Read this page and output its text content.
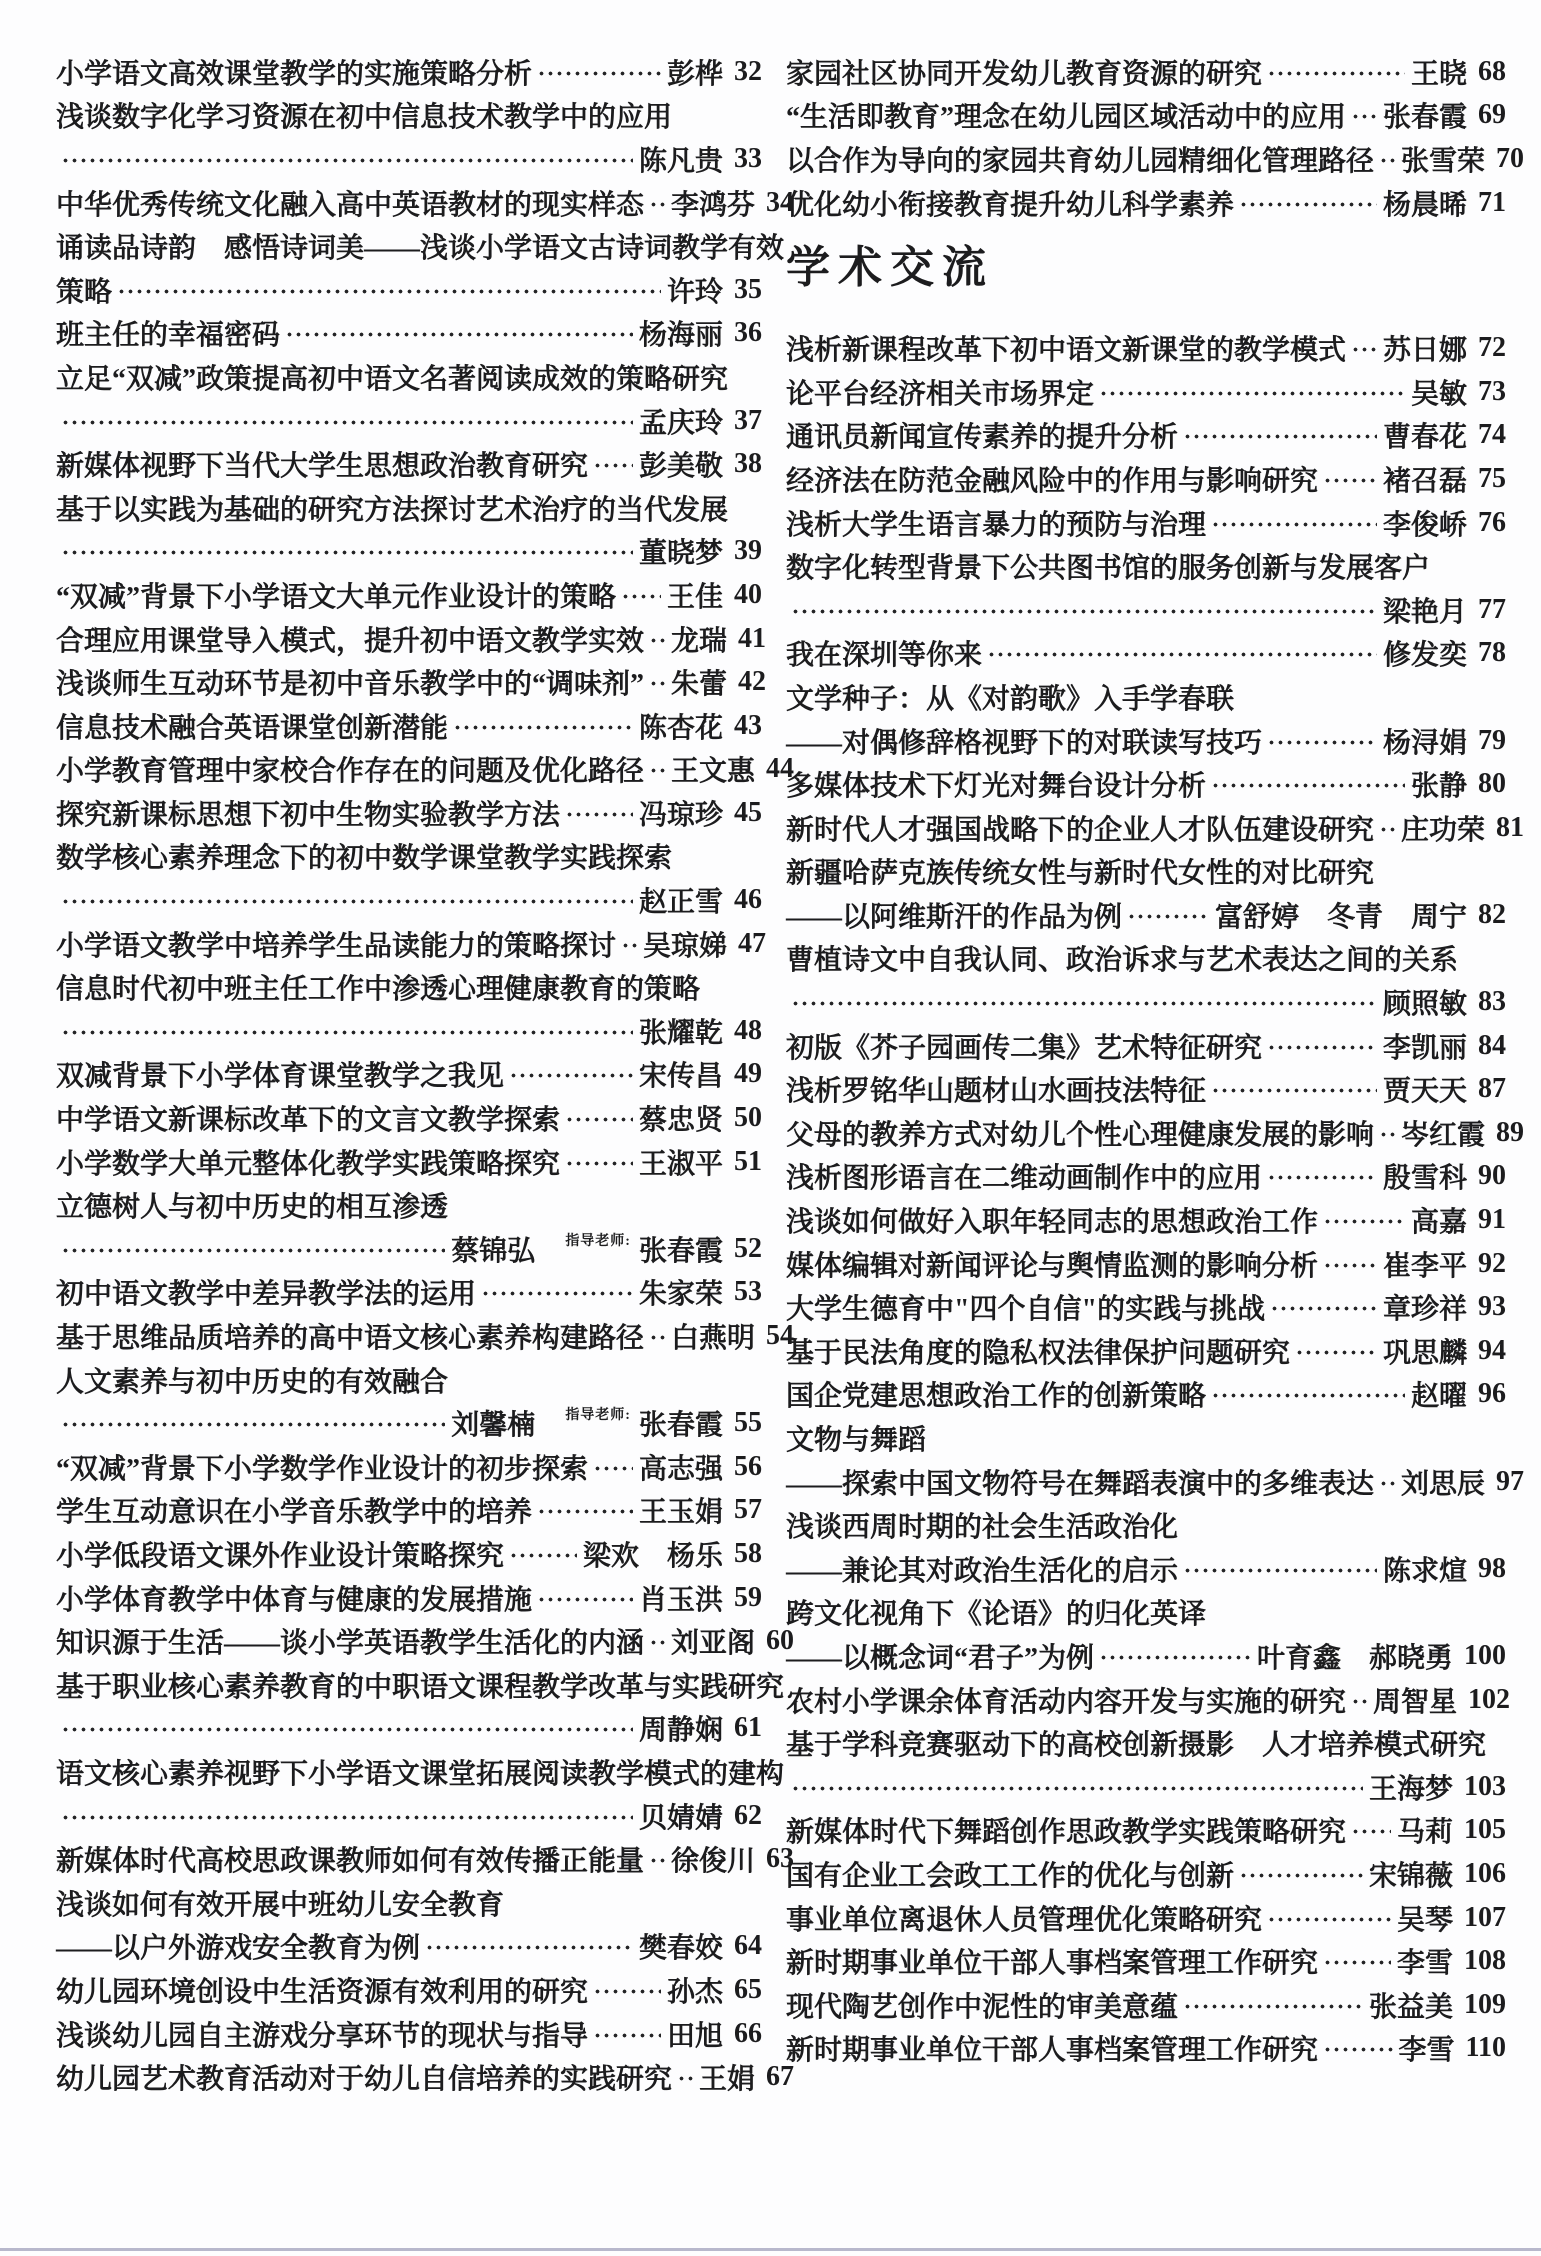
小学语文高效课堂教学的实施策略分析	彭桦 32
浅谈数字化学习资源在初中信息技术教学中的应用
陈凡贵 33
中华优秀传统文化融入高中英语教材的现实样态 李鸿芬 34
诵读品诗韵　感悟诗词美——浅谈小学语文古诗词教学有效
策略	许玲 35
班主任的幸福密码	杨海丽 36
立足“双减”政策提高初中语文名著阅读成效的策略研究
孟庆玲 37
新媒体视野下当代大学生思想政治教育研究 彭美敬 38
基于以实践为基础的研究方法探讨艺术治疗的当代发展
董晓梦 39
“双减”背景下小学语文大单元作业设计的策略 王佳 40
合理应用课堂导入模式，提升初中语文教学实效 龙瑞 41
浅谈师生互动环节是初中音乐教学中的“调味剂” 朱蕾 42
信息技术融合英语课堂创新潜能	陈杏花 43
小学教育管理中家校合作存在的问题及优化路径 王文惠 44
探究新课标思想下初中生物实验教学方法	冯琼珍 45
数学核心素养理念下的初中数学课堂教学实践探索
赵正雪 46
小学语文教学中培养学生品读能力的策略探讨 吴琼娣 47
信息时代初中班主任工作中渗透心理健康教育的策略
张耀乾 48
双减背景下小学体育课堂教学之我见	宋传昌 49
中学语文新课标改革下的文言文教学探索	蔡忠贤 50
小学数学大单元整体化教学实践策略探究	王淑平 51
立德树人与初中历史的相互渗透
蔡锦弘 指导老师: 张春霞 52
初中语文教学中差异教学法的运用	朱家荣 53
基于思维品质培养的高中语文核心素养构建路径 白燕明 54
人文素养与初中历史的有效融合
刘馨楠 指导老师: 张春霞 55
“双减”背景下小学数学作业设计的初步探索 高志强 56
学生互动意识在小学音乐教学中的培养	王玉娟 57
小学低段语文课外作业设计策略探究	梁欢　杨乐 58
小学体育教学中体育与健康的发展措施	肖玉洪 59
知识源于生活——谈小学英语教学生活化的内涵 刘亚阁 60
基于职业核心素养教育的中职语文课程教学改革与实践研究
周静娴 61
语文核心素养视野下小学语文课堂拓展阅读教学模式的建构
贝婧婧 62
新媒体时代高校思政课教师如何有效传播正能量 徐俊川 63
浅谈如何有效开展中班幼儿安全教育
——以户外游戏安全教育为例	樊春姣 64
幼儿园环境创设中生活资源有效利用的研究	孙杰 65
浅谈幼儿园自主游戏分享环节的现状与指导	田旭 66
幼儿园艺术教育活动对于幼儿自信培养的实践研究 王娟 67
家园社区协同开发幼儿教育资源的研究	王晓 68
“生活即教育”理念在幼儿园区域活动中的应用 张春霞 69
以合作为导向的家园共育幼儿园精细化管理路径 张雪荣 70
优化幼小衔接教育提升幼儿科学素养	杨晨晞 71
学术交流
浅析新课程改革下初中语文新课堂的教学模式 苏日娜 72
论平台经济相关市场界定	吴敏 73
通讯员新闻宣传素养的提升分析	曹春花 74
经济法在防范金融风险中的作用与影响研究 褚召磊 75
浅析大学生语言暴力的预防与治理	李俊峤 76
数字化转型背景下公共图书馆的服务创新与发展客户
梁艳月 77
我在深圳等你来	修发奕 78
文学种子：从《对韵歌》入手学春联
——对偶修辞格视野下的对联读写技巧	杨浔娟 79
多媒体技术下灯光对舞台设计分析	张静 80
新时代人才强国战略下的企业人才队伍建设研究 庄功荣 81
新疆哈萨克族传统女性与新时代女性的对比研究
——以阿维斯汗的作品为例	富舒婷　冬青　周宁 82
曹植诗文中自我认同、政治诉求与艺术表达之间的关系
顾照敏 83
初版《芥子园画传二集》艺术特征研究	李凯丽 84
浅析罗铭华山题材山水画技法特征	贾天天 87
父母的教养方式对幼儿个性心理健康发展的影响 岑红霞 89
浅析图形语言在二维动画制作中的应用	殷雪科 90
浅谈如何做好入职年轻同志的思想政治工作	高嘉 91
媒体编辑对新闻评论与舆情监测的影响分析 崔李平 92
大学生德育中"四个自信"的实践与挑战	章珍祥 93
基于民法角度的隐私权法律保护问题研究	巩思麟 94
国企党建思想政治工作的创新策略	赵曜 96
文物与舞蹈
——探索中国文物符号在舞蹈表演中的多维表达 刘思辰 97
浅谈西周时期的社会生活政治化
——兼论其对政治生活化的启示	陈求煊 98
跨文化视角下《论语》的归化英译
——以概念词“君子”为例	叶育鑫　郝晓勇 100
农村小学课余体育活动内容开发与实施的研究 周智星 102
基于学科竞赛驱动下的高校创新摄影　人才培养模式研究
王海梦 103
新媒体时代下舞蹈创作思政教学实践策略研究 马莉 105
国有企业工会政工工作的优化与创新	宋锦薇 106
事业单位离退休人员管理优化策略研究	吴琴 107
新时期事业单位干部人事档案管理工作研究	李雪 108
现代陶艺创作中泥性的审美意蕴	张益美 109
新时期事业单位干部人事档案管理工作研究	李雪 110
